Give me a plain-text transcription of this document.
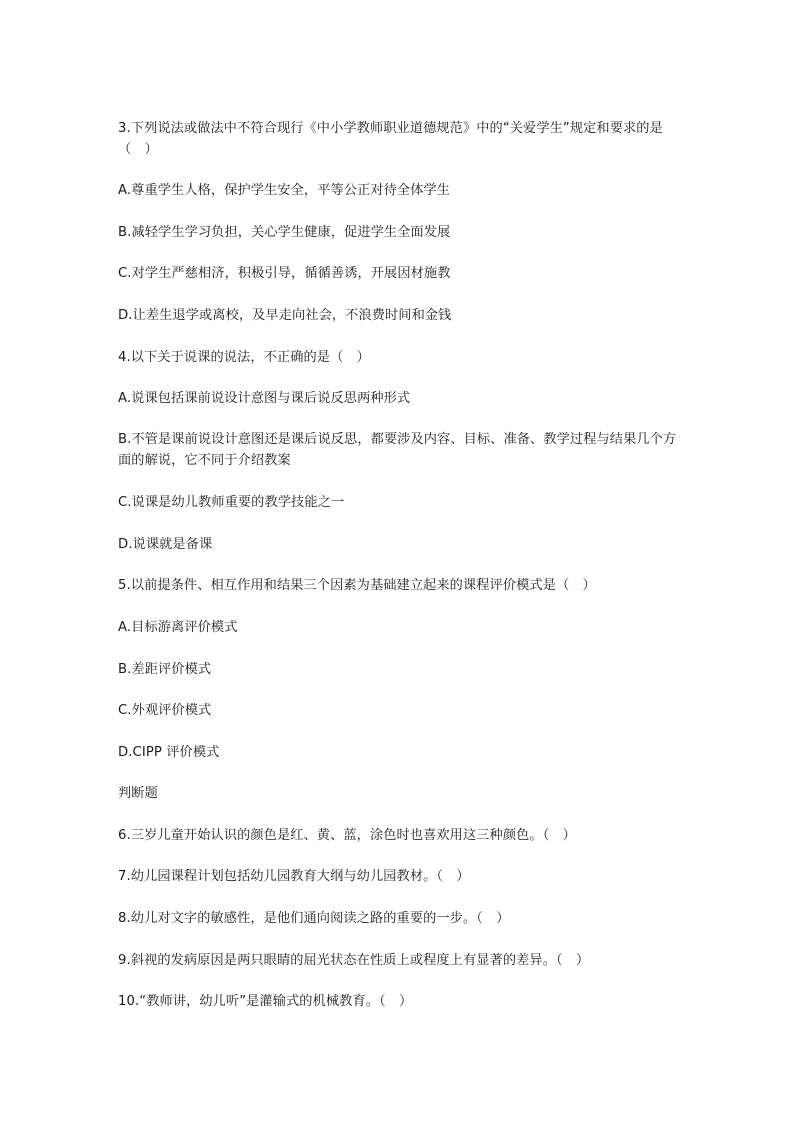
3.下列说法或做法中不符合现行《中小学教师职业道德规范》中的“关爱学生”规定和要求的是（　）
A.尊重学生人格，保护学生安全，平等公正对待全体学生
B.减轻学生学习负担，关心学生健康，促进学生全面发展
C.对学生严慈相济，积极引导，循循善诱，开展因材施教
D.让差生退学或离校，及早走向社会，不浪费时间和金钱
4.以下关于说课的说法，不正确的是（　）
A.说课包括课前说设计意图与课后说反思两种形式
B.不管是课前说设计意图还是课后说反思，都要涉及内容、目标、准备、教学过程与结果几个方面的解说，它不同于介绍教案
C.说课是幼儿教师重要的教学技能之一
D.说课就是备课
5.以前提条件、相互作用和结果三个因素为基础建立起来的课程评价模式是（　）
A.目标游离评价模式
B.差距评价模式
C.外观评价模式
D.CIPP 评价模式
判断题
6.三岁儿童开始认识的颜色是红、黄、蓝，涂色时也喜欢用这三种颜色。（　）
7.幼儿园课程计划包括幼儿园教育大纲与幼儿园教材。（　）
8.幼儿对文字的敏感性，是他们通向阅读之路的重要的一步。（　）
9.斜视的发病原因是两只眼睛的屈光状态在性质上或程度上有显著的差异。（　）
10.“教师讲，幼儿听”是灌输式的机械教育。（　）
